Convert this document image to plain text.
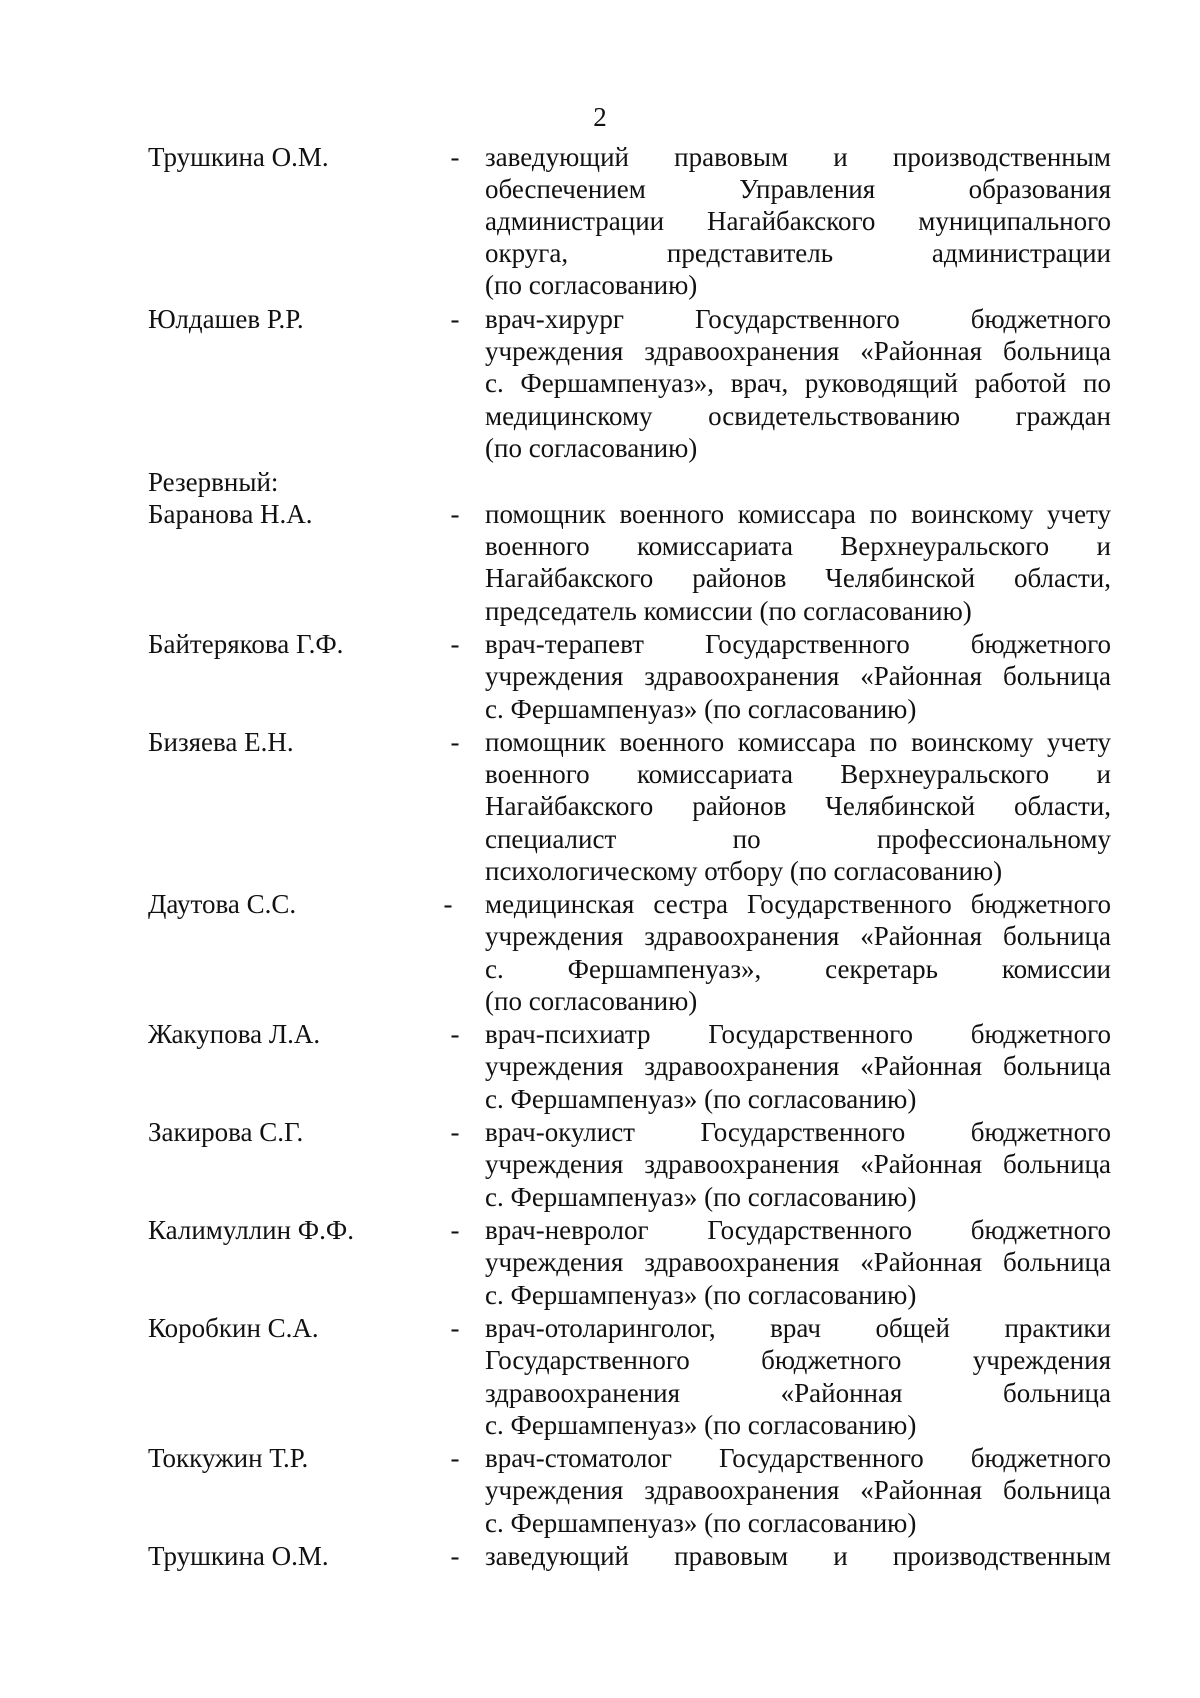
2
Трушкина О.М.	- заведующий правовым и производственным
обеспечением Управления образования
администрации Нагайбакского муниципального
округа, представитель администрации
(по согласованию)
Юлдашев Р.Р.	- врач-хирург Государственного бюджетного
учреждения здравоохранения «Районная больница
с. Фершампенуаз», врач, руководящий работой по
медицинскому освидетельствованию граждан
(по согласованию)
Резервный:
Баранова Н.А.	- помощник военного комиссара по воинскому учету
военного комиссариата Верхнеуральского и
Нагайбакского районов Челябинской области,
председатель комиссии (по согласованию)
Байтерякова Г.Ф.	- врач-терапевт Государственного бюджетного
учреждения здравоохранения «Районная больница
с. Фершампенуаз» (по согласованию)
Бизяева Е.Н.	- помощник военного комиссара по воинскому учету
военного комиссариата Верхнеуральского и
Нагайбакского районов Челябинской области,
специалист по профессиональному
психологическому отбору (по согласованию)
Даутова С.С.	- медицинская сестра Государственного бюджетного
учреждения здравоохранения «Районная больница
с. Фершампенуаз», секретарь комиссии
(по согласованию)
Жакупова Л.А.	- врач-психиатр Государственного бюджетного
учреждения здравоохранения «Районная больница
с. Фершампенуаз» (по согласованию)
Закирова С.Г.	- врач-окулист Государственного бюджетного
учреждения здравоохранения «Районная больница
с. Фершампенуаз» (по согласованию)
Калимуллин Ф.Ф.	- врач-невролог Государственного бюджетного
учреждения здравоохранения «Районная больница
с. Фершампенуаз» (по согласованию)
Коробкин С.А.	- врач-отоларинголог, врач общей практики
Государственного бюджетного учреждения
здравоохранения «Районная больница
с. Фершампенуаз» (по согласованию)
Токкужин Т.Р.	- врач-стоматолог Государственного бюджетного
учреждения здравоохранения «Районная больница
с. Фершампенуаз» (по согласованию)
Трушкина О.М.	- заведующий правовым и производственным
